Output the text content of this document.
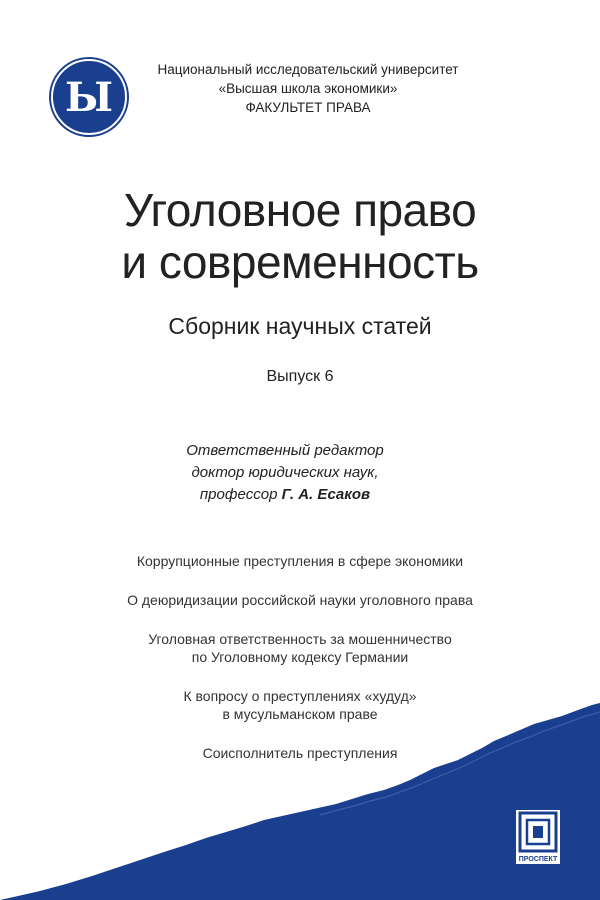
Ы
Национальный исследовательский университет
«Высшая школа экономики»
ФАКУЛЬТЕТ ПРАВА
Уголовное право
и современность
Сборник научных статей
Выпуск 6
Ответственный редактор
доктор юридических наук,
профессор Г. А. Есаков
Коррупционные преступления в сфере экономики
О деюридизации российской науки уголовного права
Уголовная ответственность за мошенничество
по Уголовному кодексу Германии
К вопросу о преступлениях «худуд»
в мусульманском праве
Соисполнитель преступления
ПРОСПЕКТ
